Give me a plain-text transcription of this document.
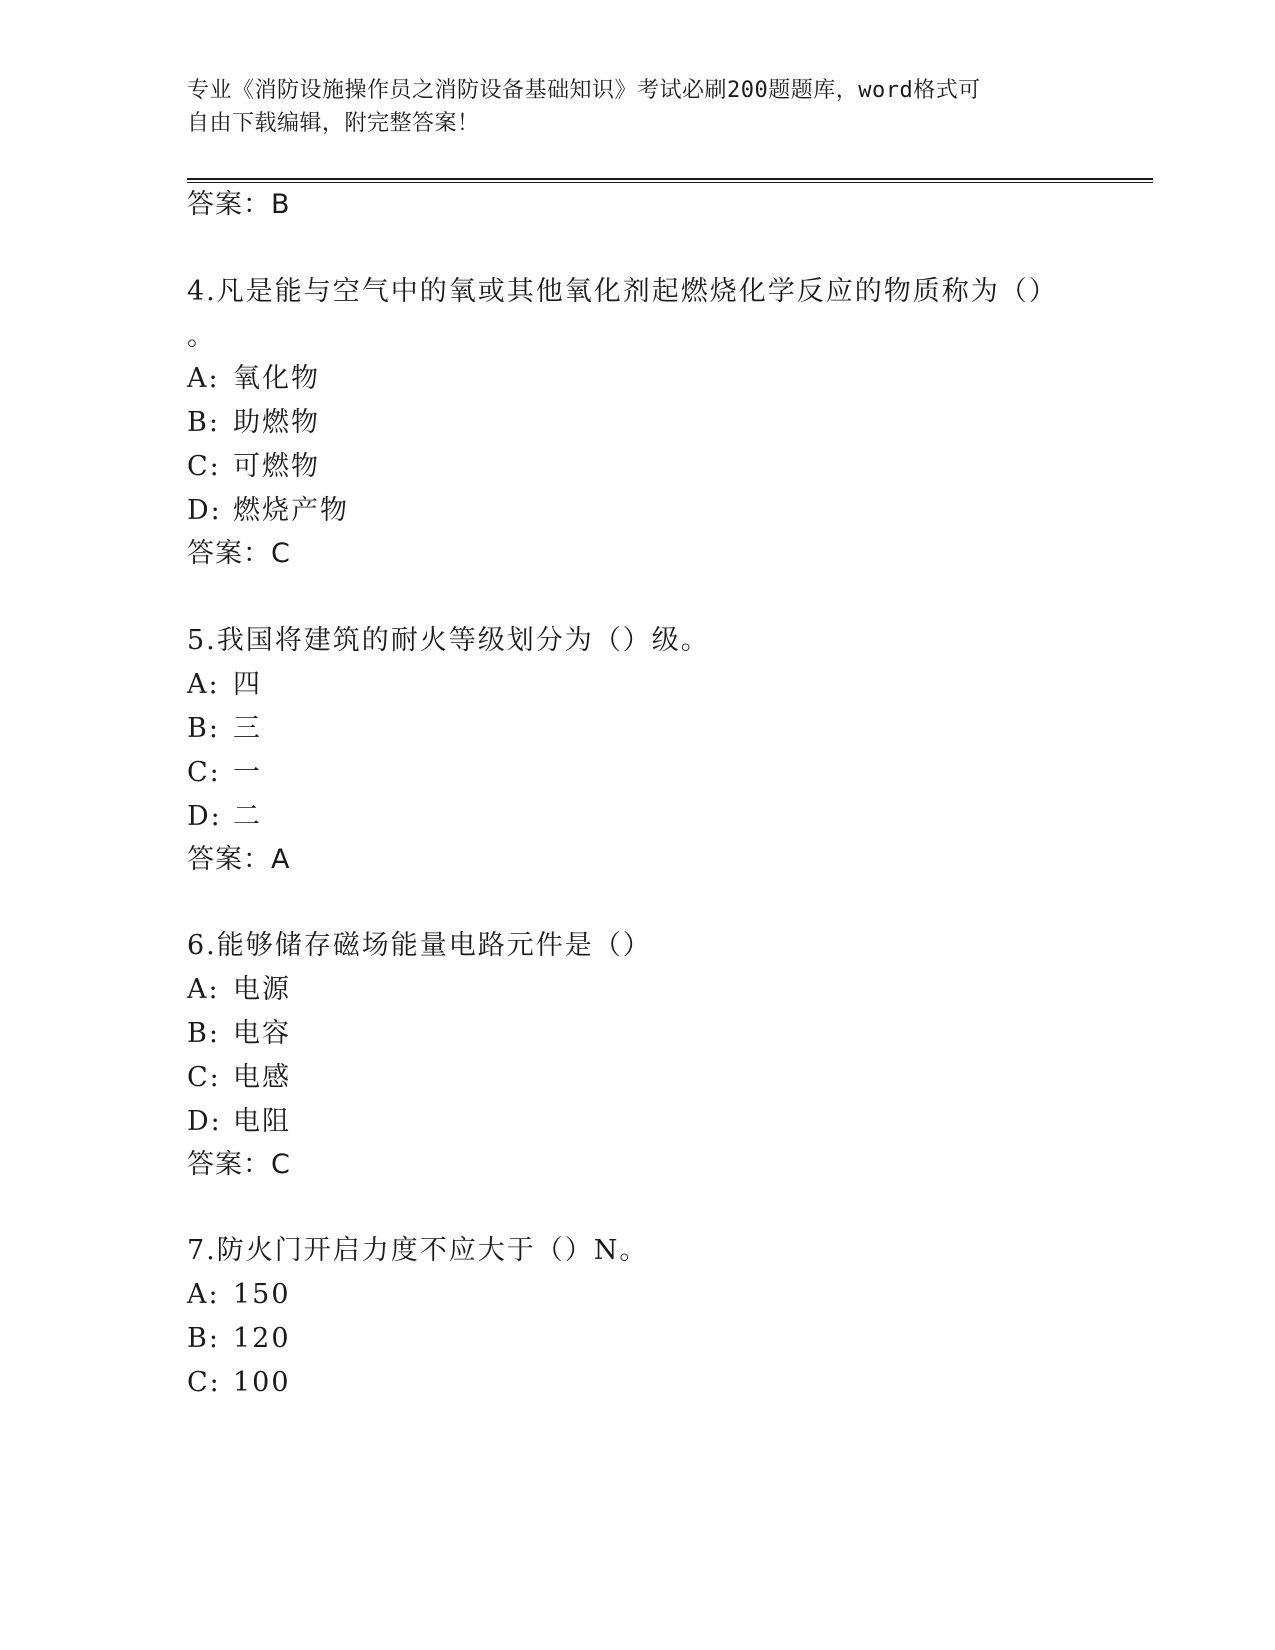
专业《消防设施操作员之消防设备基础知识》考试必刷200题题库，word格式可
自由下载编辑，附完整答案！
答案：B
4.凡是能与空气中的氧或其他氧化剂起燃烧化学反应的物质称为（）
。
A: 氧化物
B: 助燃物
C: 可燃物
D: 燃烧产物
答案：C
5.我国将建筑的耐火等级划分为（）级。
A: 四
B: 三
C: 一
D: 二
答案：A
6.能够储存磁场能量电路元件是（）
A: 电源
B: 电容
C: 电感
D: 电阻
答案：C
7.防火门开启力度不应大于（）N。
A: 150
B: 120
C: 100
